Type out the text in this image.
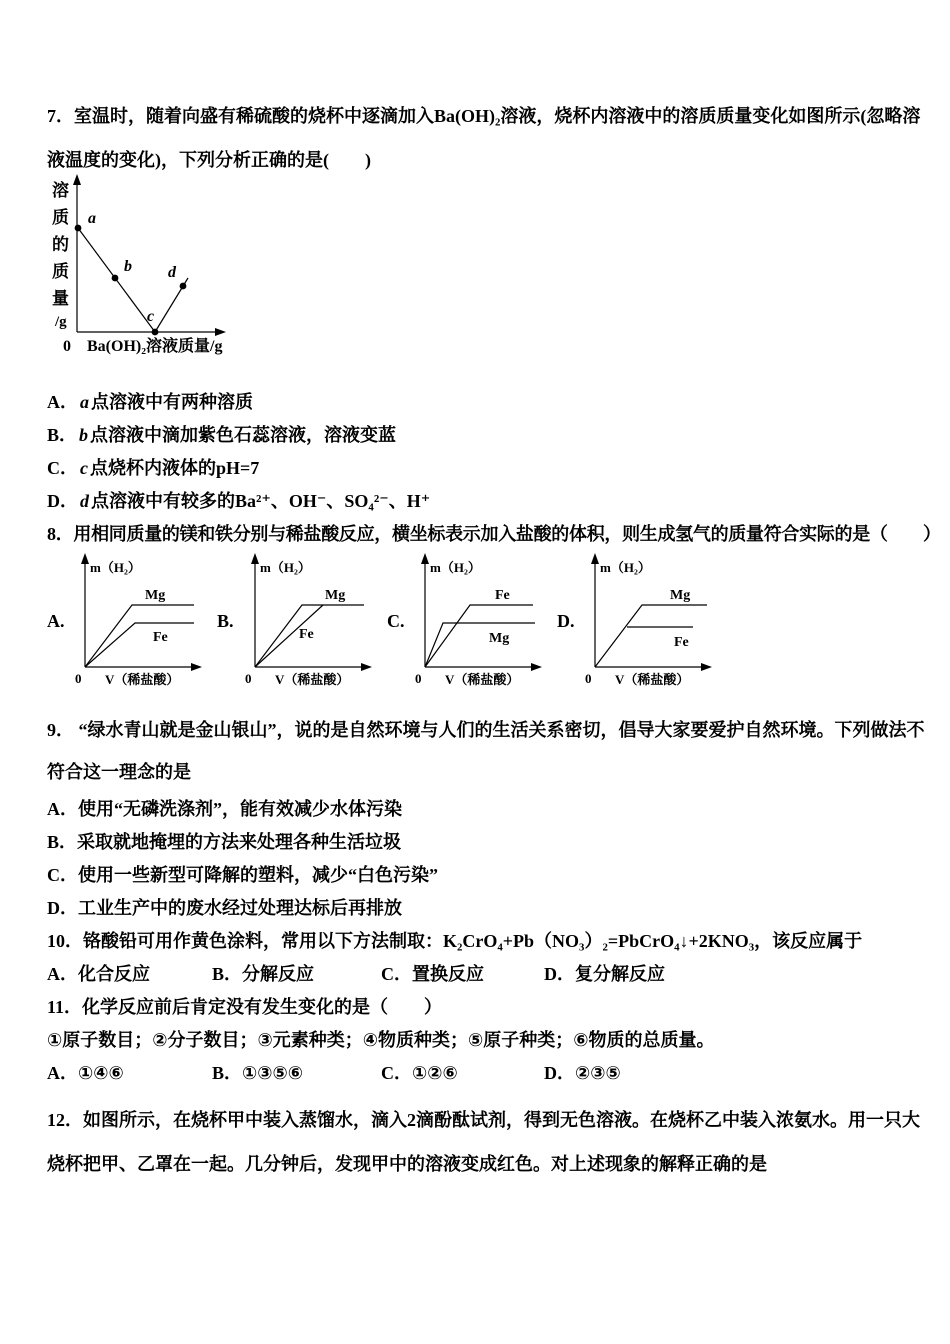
7．室温时，随着向盛有稀硫酸的烧杯中逐滴加入Ba(OH)₂溶液，烧杯内溶液中的溶质质量变化如图所示(忽略溶液温度的变化)，下列分析正确的是(　　)

溶
质
的
质
量
/g
a
b
c
d
0 Ba(OH)₂溶液质量/g
A． a 点溶液中有两种溶质
B． b 点溶液中滴加紫色石蕊溶液，溶液变蓝
C． c 点烧杯内液体的pH=7
D． d 点溶液中有较多的Ba²⁺、OH⁻、SO₄²⁻、H⁺

8．用相同质量的镁和铁分别与稀盐酸反应，横坐标表示加入盐酸的体积，则生成氢气的质量符合实际的是（　　）

A.
m（H₂）
Mg
Fe
0 V（稀盐酸）
B.
m（H₂）
Mg
Fe
0 V（稀盐酸）
C.
m（H₂）
Fe
Mg
0 V（稀盐酸）
D.
m（H₂）
Mg
Fe
0 V（稀盐酸）

9． “绿水青山就是金山银山”，说的是自然环境与人们的生活关系密切，倡导大家要爱护自然环境。下列做法不符合这一理念的是

A．使用“无磷洗涤剂”，能有效减少水体污染
B．采取就地掩埋的方法来处理各种生活垃圾
C．使用一些新型可降解的塑料，减少“白色污染”
D．工业生产中的废水经过处理达标后再排放

10．铬酸铅可用作黄色涂料，常用以下方法制取：K₂CrO₄+Pb（NO₃）₂=PbCrO₄↓+2KNO₃，该反应属于

A．化合反应	B．分解反应	C．置换反应	D．复分解反应

11．化学反应前后肯定没有发生变化的是（　　）

①原子数目；②分子数目；③元素种类；④物质种类；⑤原子种类；⑥物质的总质量。

A．①④⑥	B．①③⑤⑥	C．①②⑥	D．②③⑤

12．如图所示，在烧杯甲中装入蒸馏水，滴入2滴酚酞试剂，得到无色溶液。在烧杯乙中装入浓氨水。用一只大烧杯把甲、乙罩在一起。几分钟后，发现甲中的溶液变成红色。对上述现象的解释正确的是
